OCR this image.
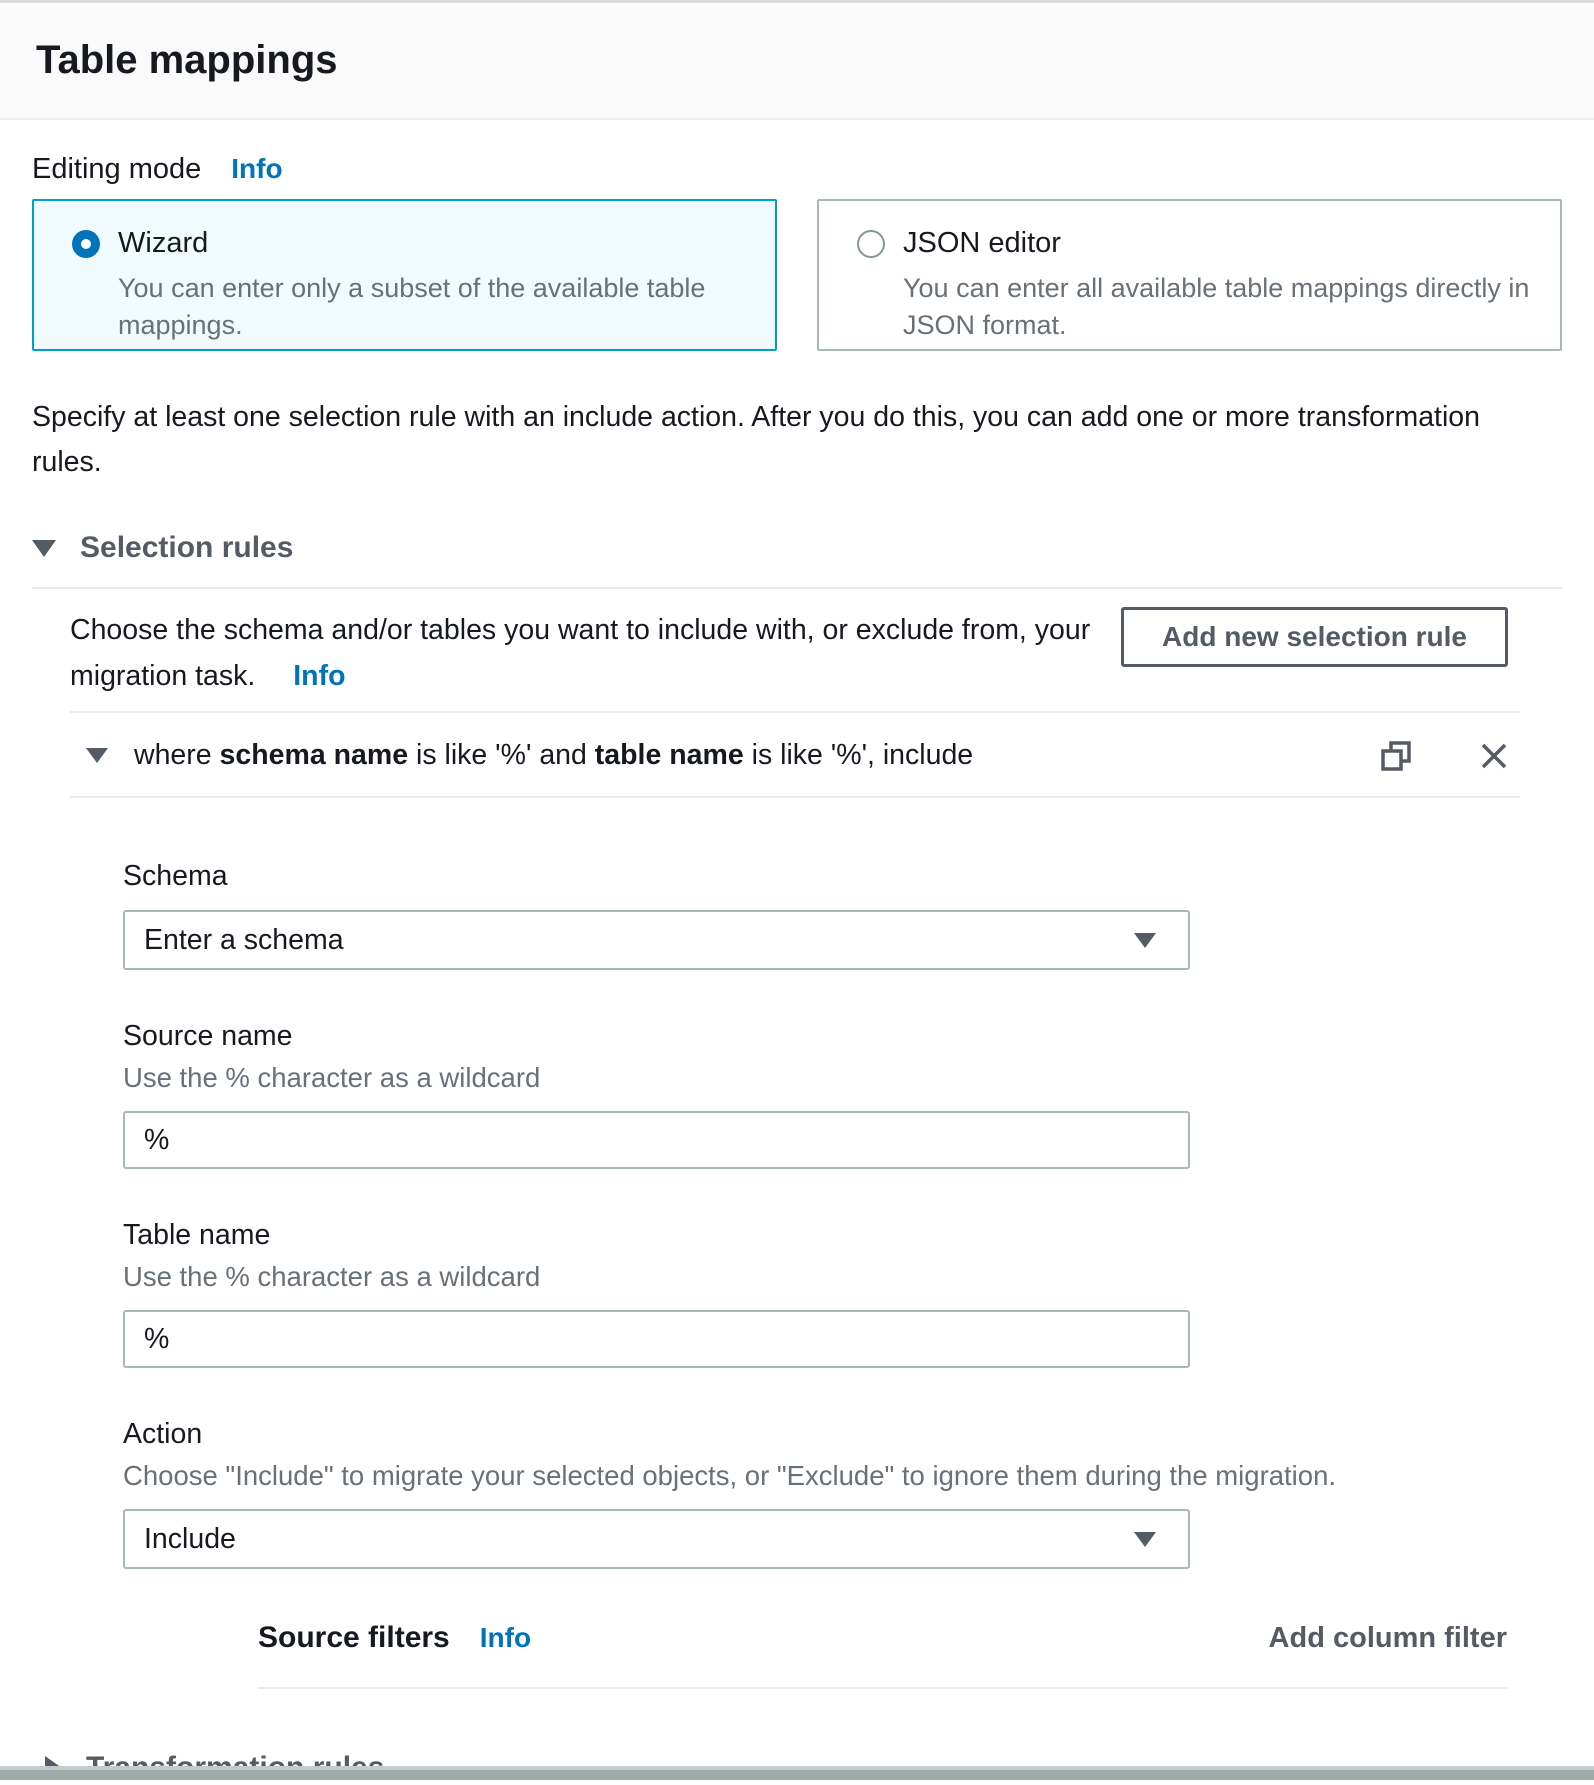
Table mappings
Editing mode Info
Wizard
You can enter only a subset of the available table mappings.
JSON editor
You can enter all available table mappings directly in JSON format.

Specify at least one selection rule with an include action. After you do this, you can add one or more transformation rules.

Selection rules
Choose the schema and/or tables you want to include with, or exclude from, your migration task. Info
Add new selection rule
where schema name is like '%' and table name is like '%', include
Schema
Enter a schema
Source name
Use the % character as a wildcard
%
Table name
Use the % character as a wildcard
%
Action
Choose "Include" to migrate your selected objects, or "Exclude" to ignore them during the migration.
Include
Source filters Info	Add column filter
